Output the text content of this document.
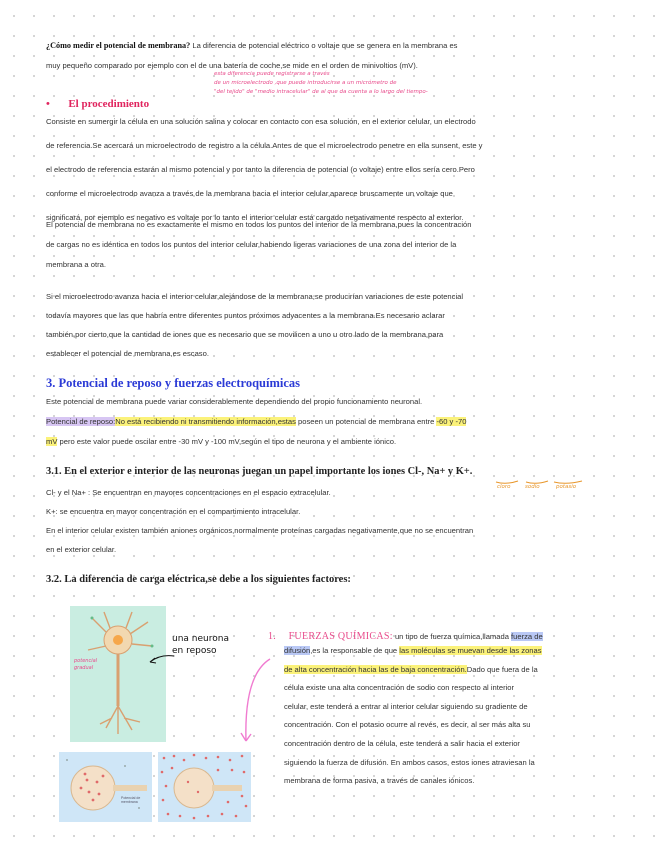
¿Cómo medir el potencial de membrana? La diferencia de potencial eléctrico o voltaje que se genera en la membrana es
muy pequeño comparado por ejemplo con el de una batería de coche,se mide en el orden de minivoltios (mV).
esta diferencia puede registrarse a través
de un microelectrodo ,que puede introducirse a un micrómetro de
"del tejido" de "medio intracelular" de al que da cuenta a lo largo del tiempo-
• El procedimiento
Consiste en sumergir la célula en una solución salina y colocar en contacto con esa solución, en el exterior celular, un electrodo
de referencia.Se acercará un microelectrodo de registro a la célula.Antes de que el microelectrodo penetre en ella sunsent, este y
el electrodo de referencia estarán al mismo potencial y por tanto la diferencia de potencial (o voltaje) entre ellos sería cero.Pero
conforme el microelectrodo avanza a través de la membrana hacia el interior celular,aparece bruscamente un voltaje que
significará, por ejemplo es negativo es voltaje por lo tanto el interior celular está cargado negativamente respecto al exterior.
El potencial de membrana no es exactamente el mismo en todos los puntos del interior de la membrana,pues la concentración
de cargas no es idéntica en todos los puntos del interior celular,habiendo ligeras variaciones de una zona del interior de la
membrana a otra.
Si el microelectrodo avanza hacia el interior celular,alejándose de la membrana,se producirían variaciones de este potencial
todavía mayores que las que habría entre diferentes puntos próximos adyacentes a la membrana.Es necesario aclarar
también,por cierto,que la cantidad de iones que es necesario que se movilicen a uno u otro lado de la membrana,para
establecer el potencial de membrana,es escaso.
3. Potencial de reposo y fuerzas electroquímicas
Este potencial de membrana puede variar considerablemente dependiendo del propio funcionamiento neuronal.
Potencial de reposo:No está recibiendo ni transmitiendo información,estas poseen un potencial de membrana entre -60 y -70
mV pero este valor puede oscilar entre -30 mV y -100 mV,según el tipo de neurona y el ambiente iónico.
3.1. En el exterior e interior de las neuronas juegan un papel importante los iones Cl-, Na+ y K+.
cloro	sodio	potasio
Cl- y el Na+ : Se encuentran en mayores concentraciones en el espacio extracelular.
K+: se encuentra en mayor concentración en el compartimiento intracelular.
En el interior celular existen también aniones orgánicos,normalmente proteínas cargadas negativamente,que no se encuentran
en el exterior celular.
3.2. La diferencia de carga eléctrica,se debe a los siguientes factores:
potencial gradual
una neurona en reposo
Potencial de membrana
1. FUERZAS QUÍMICAS: un tipo de fuerza química,llamada fuerza de
difusión,es la responsable de que las moléculas se muevan desde las zonas
de alta concentración hacia las de baja concentración.Dado que fuera de la
célula existe una alta concentración de sodio con respecto al interior
celular, este tenderá a entrar al interior celular siguiendo su gradiente de
concentración. Con el potasio ocurre al revés, es decir, al ser más alta su
concentración dentro de la célula, este tenderá a salir hacia el exterior
siguiendo la fuerza de difusión. En ambos casos, estos iones atraviesan la
membrana de forma pasiva, a través de canales iónicos.
